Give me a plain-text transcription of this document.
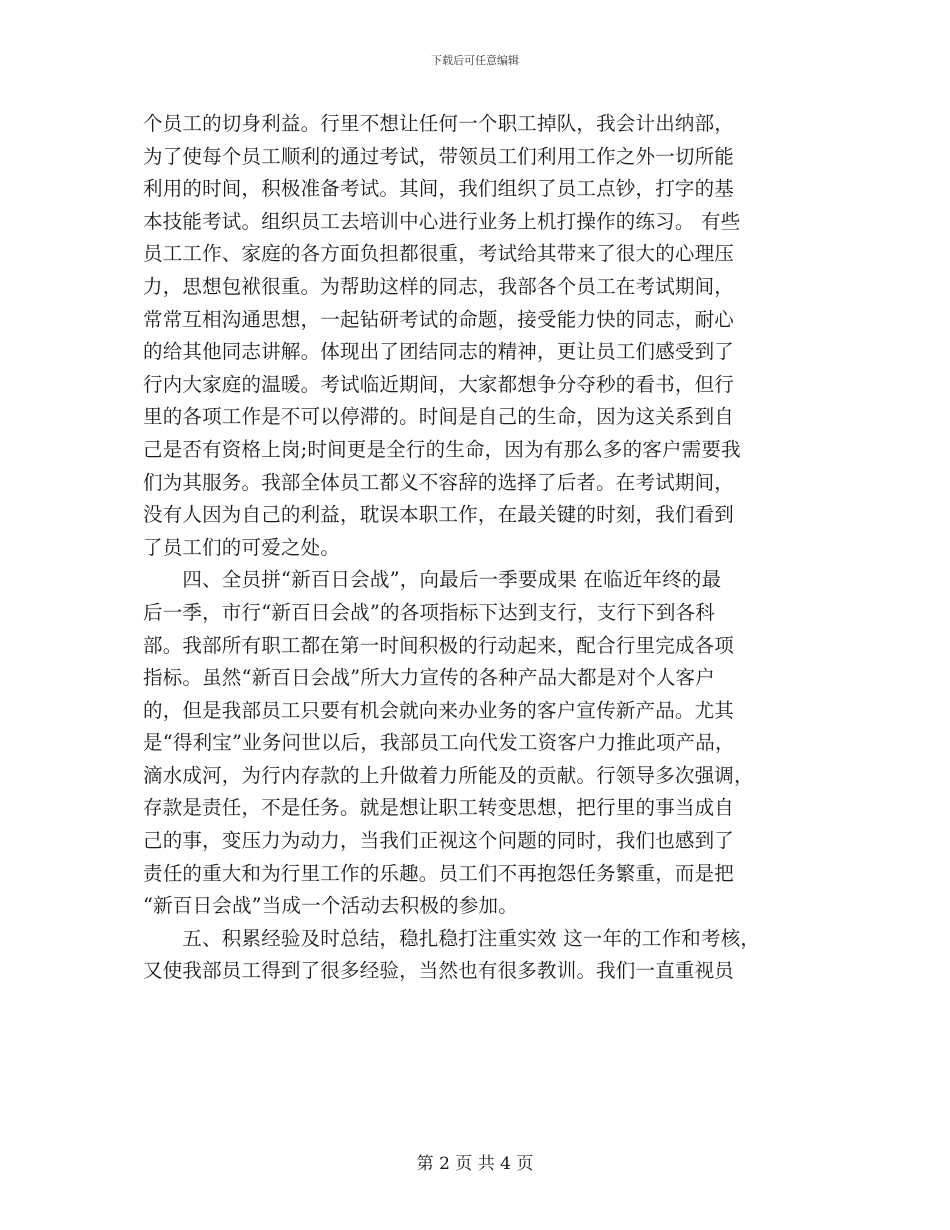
下载后可任意编辑
个员工的切身利益。行里不想让任何一个职工掉队，我会计出纳部，
为了使每个员工顺利的通过考试，带领员工们利用工作之外一切所能
利用的时间，积极准备考试。其间，我们组织了员工点钞，打字的基
本技能考试。组织员工去培训中心进行业务上机打操作的练习。 有些
员工工作、家庭的各方面负担都很重，考试给其带来了很大的心理压
力，思想包袱很重。为帮助这样的同志，我部各个员工在考试期间，
常常互相沟通思想，一起钻研考试的命题，接受能力快的同志，耐心
的给其他同志讲解。体现出了团结同志的精神，更让员工们感受到了
行内大家庭的温暖。考试临近期间，大家都想争分夺秒的看书，但行
里的各项工作是不可以停滞的。时间是自己的生命，因为这关系到自
己是否有资格上岗;时间更是全行的生命，因为有那么多的客户需要我
们为其服务。我部全体员工都义不容辞的选择了后者。在考试期间，
没有人因为自己的利益，耽误本职工作，在最关键的时刻，我们看到
了员工们的可爱之处。
　　四、全员拼“新百日会战”，向最后一季要成果 在临近年终的最
后一季，市行“新百日会战”的各项指标下达到支行，支行下到各科
部。我部所有职工都在第一时间积极的行动起来，配合行里完成各项
指标。虽然“新百日会战”所大力宣传的各种产品大都是对个人客户
的，但是我部员工只要有机会就向来办业务的客户宣传新产品。尤其
是“得利宝”业务问世以后，我部员工向代发工资客户力推此项产品，
滴水成河，为行内存款的上升做着力所能及的贡献。行领导多次强调，
存款是责任，不是任务。就是想让职工转变思想，把行里的事当成自
己的事，变压力为动力，当我们正视这个问题的同时，我们也感到了
责任的重大和为行里工作的乐趣。员工们不再抱怨任务繁重，而是把
“新百日会战”当成一个活动去积极的参加。
　　五、积累经验及时总结，稳扎稳打注重实效 这一年的工作和考核，
又使我部员工得到了很多经验，当然也有很多教训。我们一直重视员
第 2 页 共 4 页
